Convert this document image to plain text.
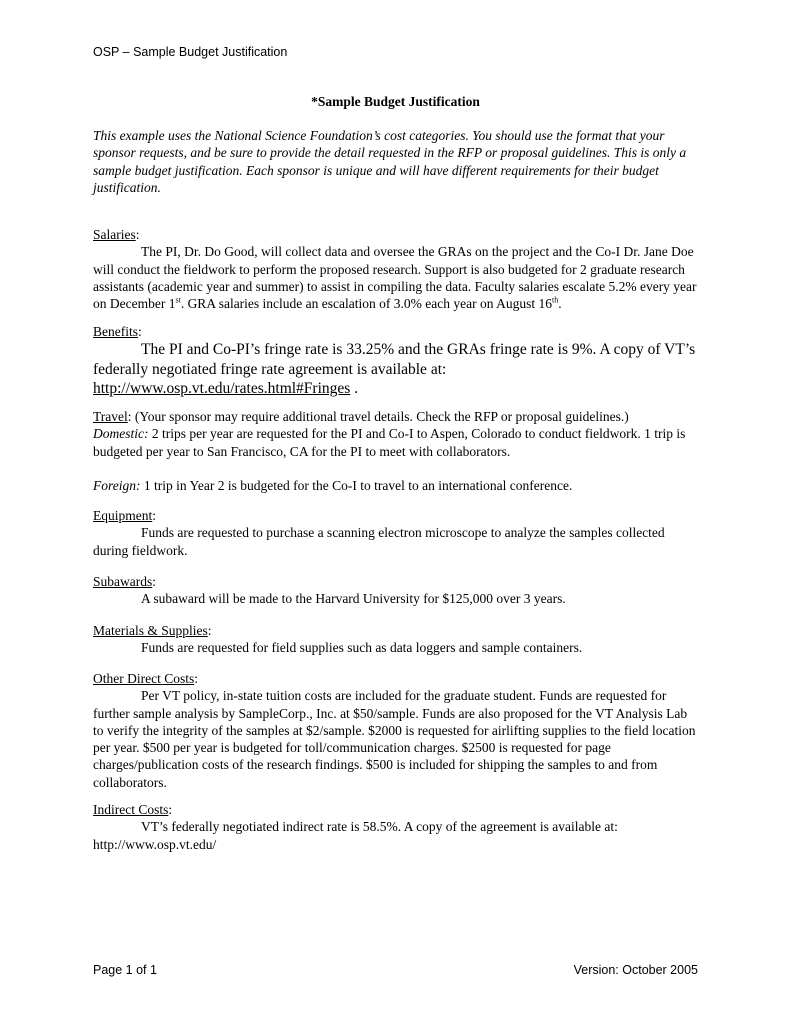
OSP – Sample Budget Justification
*Sample Budget Justification
This example uses the National Science Foundation’s cost categories. You should use the format that your sponsor requests, and be sure to provide the detail requested in the RFP or proposal guidelines. This is only a sample budget justification. Each sponsor is unique and will have different requirements for their budget justification.
Salaries:
The PI, Dr. Do Good, will collect data and oversee the GRAs on the project and the Co-I Dr. Jane Doe will conduct the fieldwork to perform the proposed research. Support is also budgeted for 2 graduate research assistants (academic year and summer) to assist in compiling the data. Faculty salaries escalate 5.2% every year on December 1st. GRA salaries include an escalation of 3.0% each year on August 16th.
Benefits:
The PI and Co-PI’s fringe rate is 33.25% and the GRAs fringe rate is 9%. A copy of VT’s federally negotiated fringe rate agreement is available at:
http://www.osp.vt.edu/rates.html#Fringes .
Travel: (Your sponsor may require additional travel details. Check the RFP or proposal guidelines.)
Domestic: 2 trips per year are requested for the PI and Co-I to Aspen, Colorado to conduct fieldwork. 1 trip is budgeted per year to San Francisco, CA for the PI to meet with collaborators.
Foreign: 1 trip in Year 2 is budgeted for the Co-I to travel to an international conference.
Equipment:
Funds are requested to purchase a scanning electron microscope to analyze the samples collected during fieldwork.
Subawards:
A subaward will be made to the Harvard University for $125,000 over 3 years.
Materials & Supplies:
Funds are requested for field supplies such as data loggers and sample containers.
Other Direct Costs:
Per VT policy, in-state tuition costs are included for the graduate student. Funds are requested for further sample analysis by SampleCorp., Inc. at $50/sample. Funds are also proposed for the VT Analysis Lab to verify the integrity of the samples at $2/sample. $2000 is requested for airlifting supplies to the field location per year. $500 per year is budgeted for toll/communication charges. $2500 is requested for page charges/publication costs of the research findings. $500 is included for shipping the samples to and from collaborators.
Indirect Costs:
VT’s federally negotiated indirect rate is 58.5%. A copy of the agreement is available at: http://www.osp.vt.edu/
Page 1 of 1	Version: October 2005
